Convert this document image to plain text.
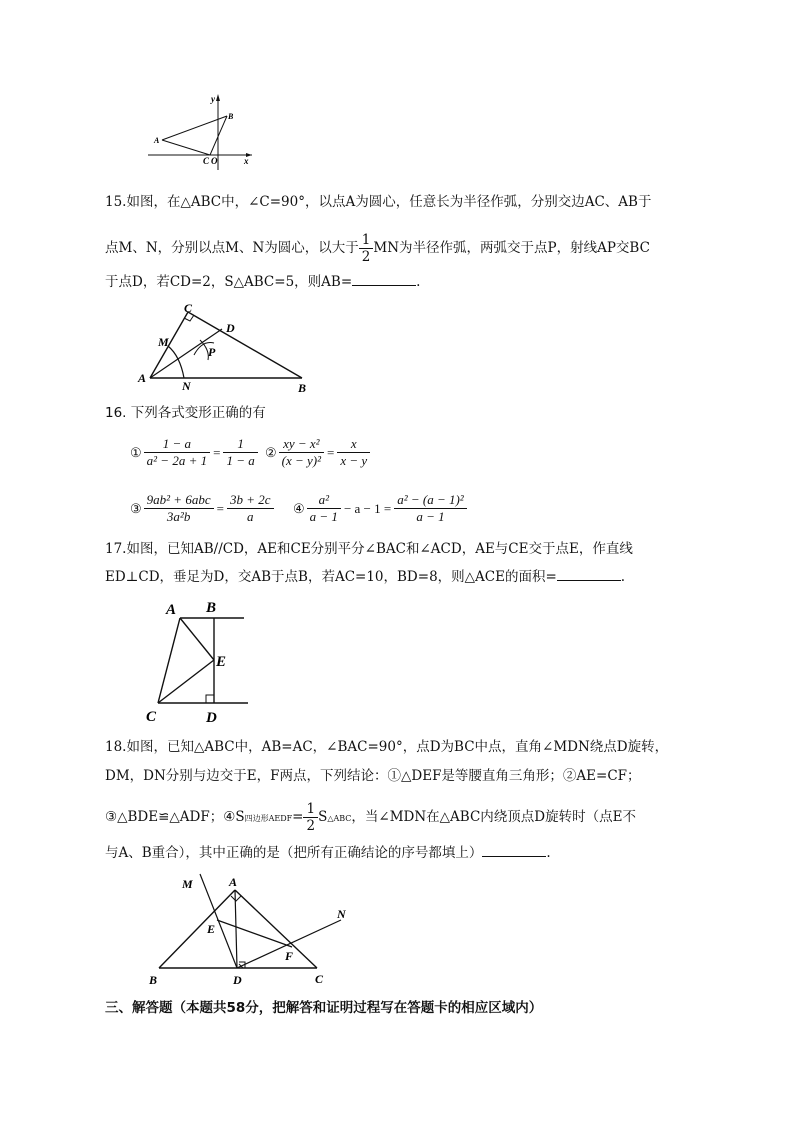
y
B
A
C O	x
15.如图，在△ABC中，∠C=90°，以点A为圆心，任意长为半径作弧，分别交边AC、AB于
点M、N，分别以点M、N为圆心，以大于 $\frac{1}{2}$ MN为半径作弧，两弧交于点P，射线AP交BC
于点D，若CD=2，S△ABC=5，则AB=	.
C
D
M
P
A
N	B
16. 下列各式变形正确的有
① $\frac{1 - a}{\text{a² − 2a + 1}} = \frac{1}{1 - a}$ ② $\frac{\text{xy − x²}}{\text{(x − y)²}} = \frac{x}{x - y}$
③ $\frac{\text{9ab² + 6abc}}{\text{3a²b}} = \frac{3b + 2c}{a}$ ④ $\frac{\text{a²}}{a - 1} - a - 1 = \frac{\text{a² − (a − 1)²}}{a - 1}$
17.如图，已知AB//CD，AE和CE分别平分∠BAC和∠ACD，AE与CE交于点E，作直线
ED⊥CD，垂足为D，交AB于点B，若AC=10，BD=8，则△ACE的面积=	.
A B
E
C	D
18.如图，已知△ABC中，AB=AC，∠BAC=90°，点D为BC中点，直角∠MDN绕点D旋转，
DM，DN分别与边交于E，F两点，下列结论：①△DEF是等腰直角三角形；②AE=CF；
③△BDE≌△ADF；④S四边形AEDF= $\frac{1}{2}$ S△ABC，当∠MDN在△ABC内绕顶点D旋转时（点E不
与A、B重合），其中正确的是（把所有正确结论的序号都填上）	.
M	A
N
E
F
B	D	C
三、解答题（本题共58分，把解答和证明过程写在答题卡的相应区域内）
